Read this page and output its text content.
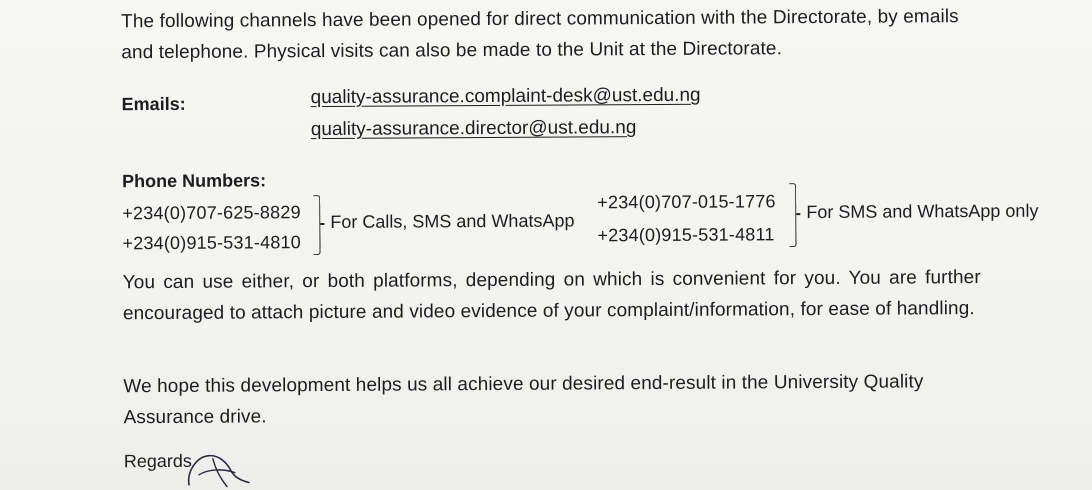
The following channels have been opened for direct communication with the Directorate, by emails and telephone. Physical visits can also be made to the Unit at the Directorate.

Emails:	quality-assurance.complaint-desk@ust.edu.ng
quality-assurance.director@ust.edu.ng
Phone Numbers:
+234(0)707-625-8829
+234(0)915-531-4810
For Calls, SMS and WhatsApp
+234(0)707-015-1776
+234(0)915-531-4811
For SMS and WhatsApp only

You can use either, or both platforms, depending on which is convenient for you. You are further encouraged to attach picture and video evidence of your complaint/information, for ease of handling.

We hope this development helps us all achieve our desired end-result in the University Quality Assurance drive.

Regards
